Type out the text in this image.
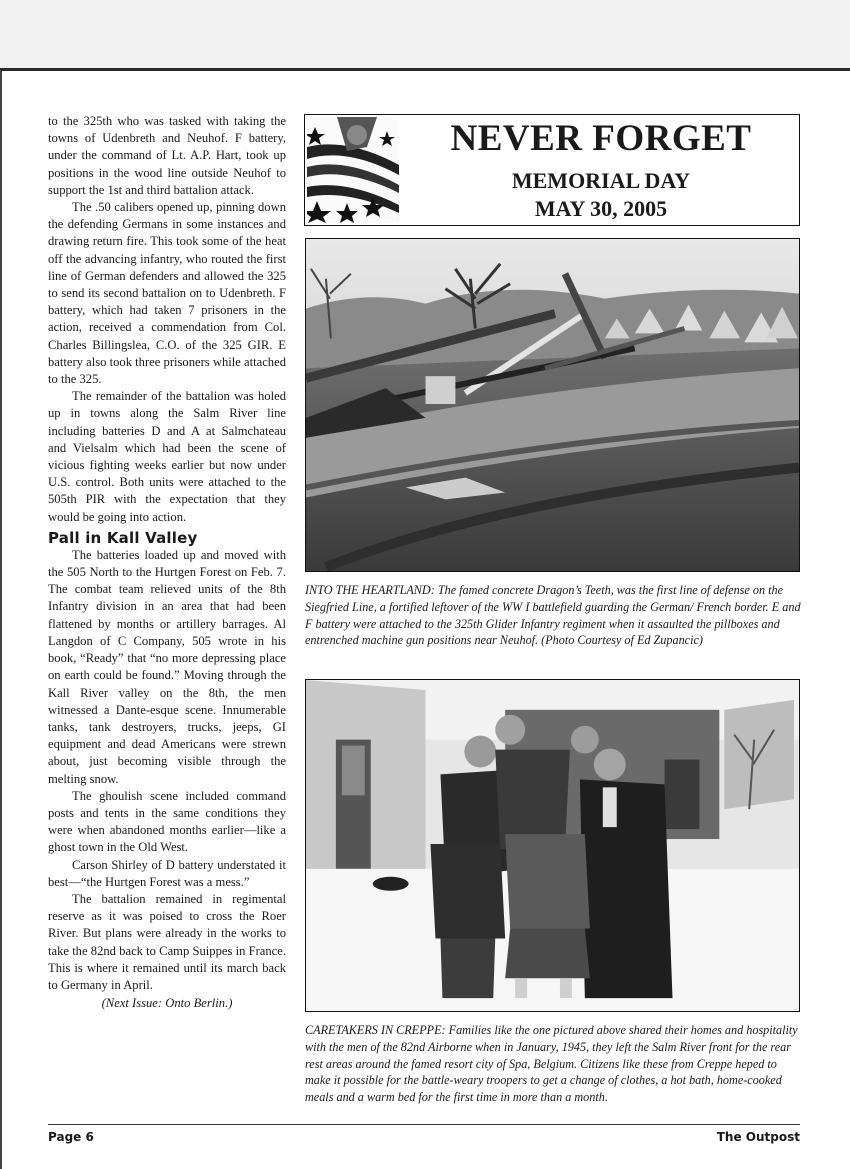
to the 325th who was tasked with taking the towns of Udenbreth and Neuhof. F battery, under the command of Lt. A.P. Hart, took up positions in the wood line outside Neuhof to support the 1st and third battalion attack.

The .50 calibers opened up, pinning down the defending Germans in some instances and drawing return fire. This took some of the heat off the advancing infantry, who routed the first line of German defenders and allowed the 325 to send its second battalion on to Udenbreth. F battery, which had taken 7 prisoners in the action, received a commendation from Col. Charles Billingslea, C.O. of the 325 GIR. E battery also took three prisoners while attached to the 325.

The remainder of the battalion was holed up in towns along the Salm River line including batteries D and A at Salmchateau and Vielsalm which had been the scene of vicious fighting weeks earlier but now under U.S. control. Both units were attached to the 505th PIR with the expectation that they would be going into action.

Pall in Kall Valley

The batteries loaded up and moved with the 505 North to the Hurtgen Forest on Feb. 7. The combat team relieved units of the 8th Infantry division in an area that had been flattened by months or artillery barrages. Al Langdon of C Company, 505 wrote in his book, “Ready” that “no more depressing place on earth could be found.” Moving through the Kall River valley on the 8th, the men witnessed a Dante-esque scene. Innumerable tanks, tank destroyers, trucks, jeeps, GI equipment and dead Americans were strewn about, just becoming visible through the melting snow.

The ghoulish scene included command posts and tents in the same conditions they were when abandoned months earlier—like a ghost town in the Old West.

Carson Shirley of D battery understated it best—“the Hurtgen Forest was a mess.”

The battalion remained in regimental reserve as it was poised to cross the Roer River. But plans were already in the works to take the 82nd back to Camp Suippes in France. This is where it remained until its march back to Germany in April.

(Next Issue: Onto Berlin.)

NEVER FORGET
MEMORIAL DAY
MAY 30, 2005
INTO THE HEARTLAND: The famed concrete Dragon’s Teeth, was the first line of defense on the Siegfried Line, a fortified leftover of the WW I battlefield guarding the German/ French border. E and F battery were attached to the 325th Glider Infantry regiment when it assaulted the pillboxes and entrenched machine gun positions near Neuhof. (Photo Courtesy of Ed Zupancic)
CARETAKERS IN CREPPE: Families like the one pictured above shared their homes and hospitality with the men of the 82nd Airborne when in January, 1945, they left the Salm River front for the rear rest areas around the famed resort city of Spa, Belgium. Citizens like these from Creppe heped to make it possible for the battle-weary troopers to get a change of clothes, a hot bath, home-cooked meals and a warm bed for the first time in more than a month.
Page 6	The Outpost
